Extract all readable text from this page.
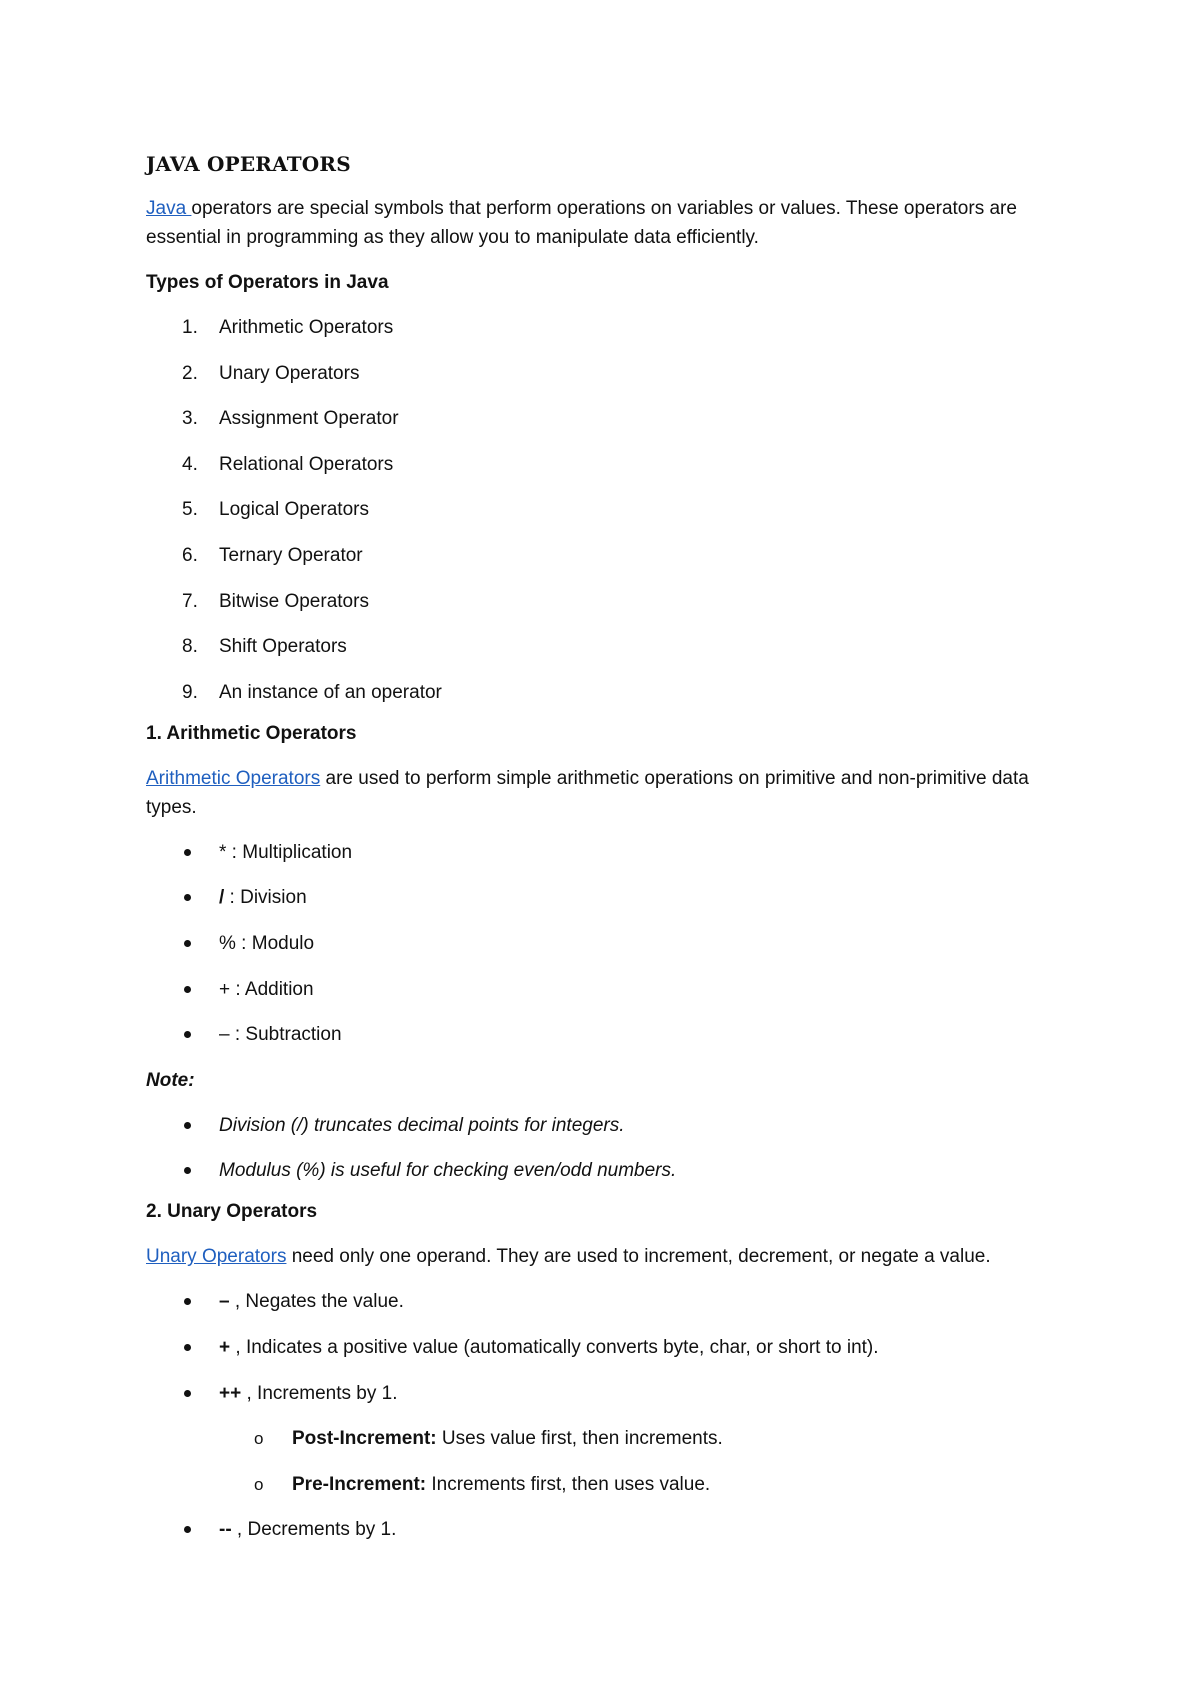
JAVA OPERATORS

Java operators are special symbols that perform operations on variables or values. These operators are essential in programming as they allow you to manipulate data efficiently.

Types of Operators in Java

1. Arithmetic Operators
2. Unary Operators
3. Assignment Operator
4. Relational Operators
5. Logical Operators
6. Ternary Operator
7. Bitwise Operators
8. Shift Operators
9. An instance of an operator

1. Arithmetic Operators

Arithmetic Operators are used to perform simple arithmetic operations on primitive and non-primitive data types.

* : Multiplication
/ : Division
% : Modulo
+ : Addition
– : Subtraction

Note:

Division (/) truncates decimal points for integers.
Modulus (%) is useful for checking even/odd numbers.

2. Unary Operators

Unary Operators need only one operand. They are used to increment, decrement, or negate a value.

– , Negates the value.
+ , Indicates a positive value (automatically converts byte, char, or short to int).
++ , Increments by 1.
o Post-Increment: Uses value first, then increments.
o Pre-Increment: Increments first, then uses value.
-- , Decrements by 1.
